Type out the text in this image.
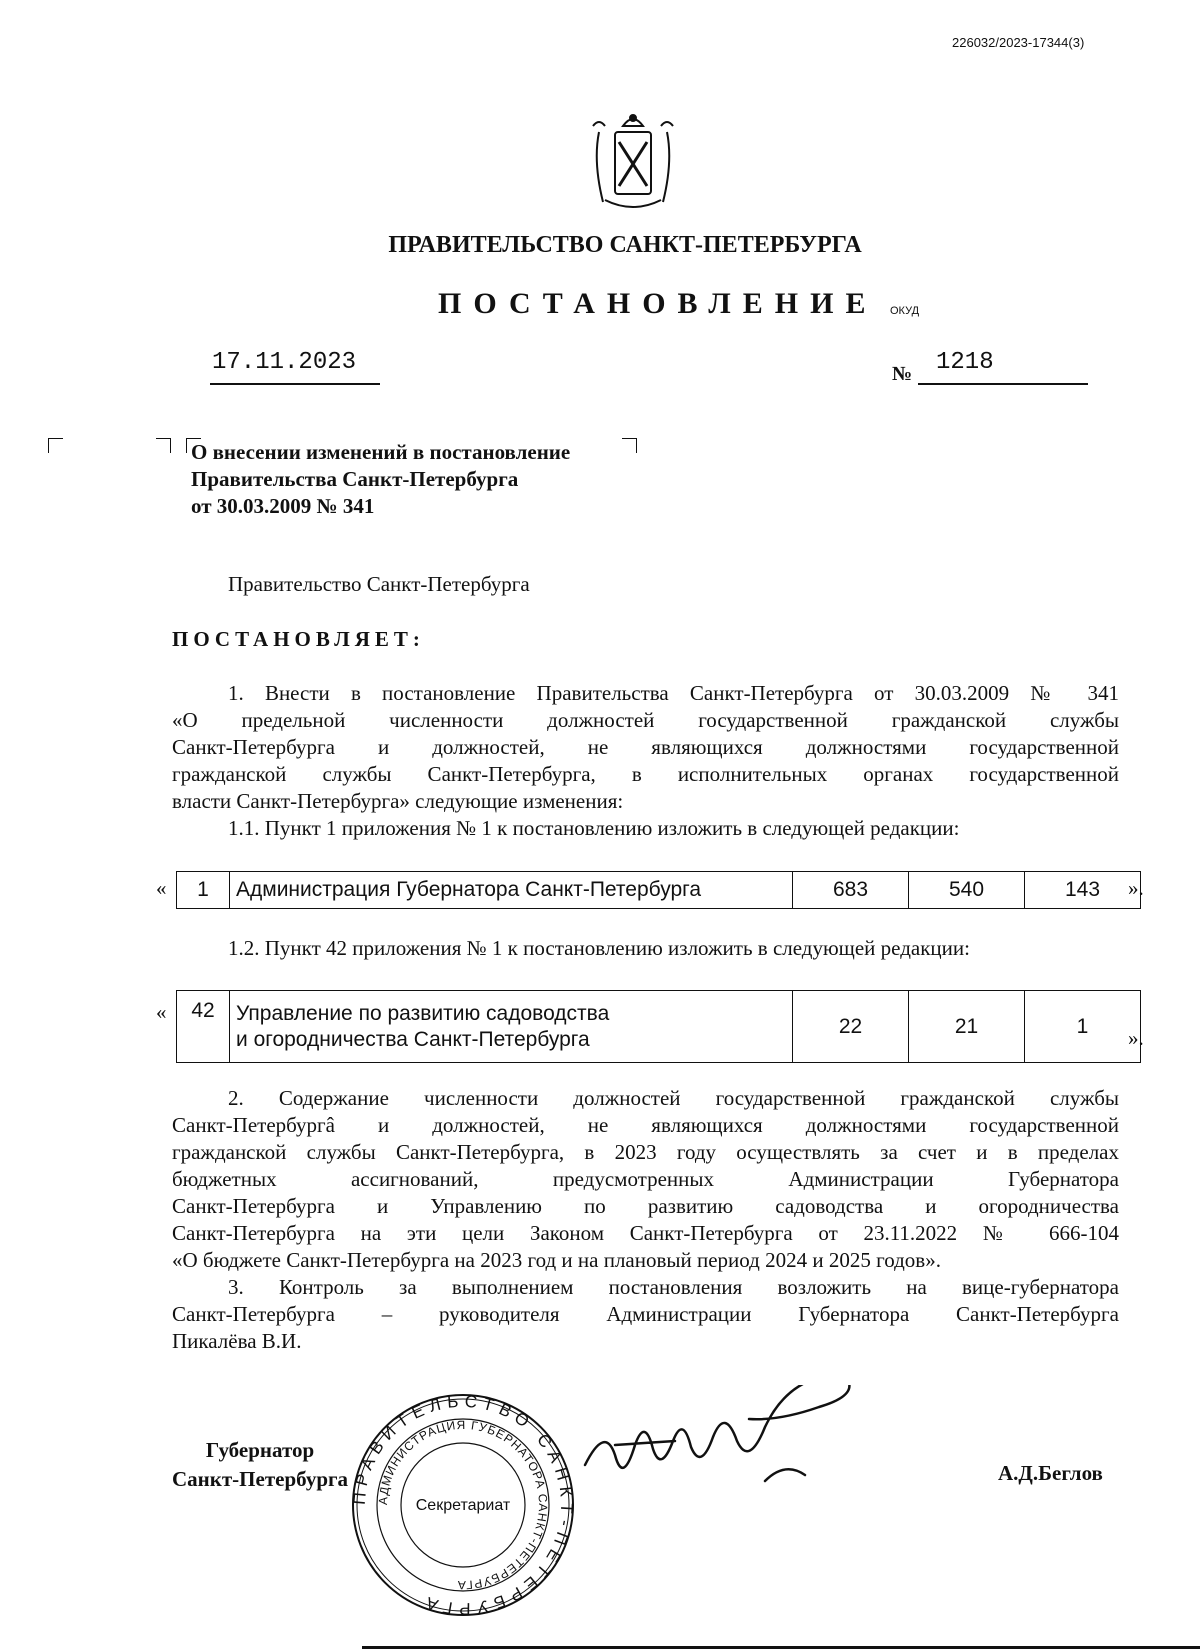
226032/2023-17344(3)
ПРАВИТЕЛЬСТВО САНКТ-ПЕТЕРБУРГА
ПОСТАНОВЛЕНИЕ ОКУД
17.11.2023	№ 1218
О внесении изменений в постановление
Правительства Санкт-Петербурга
от 30.03.2009 № 341
Правительство Санкт-Петербурга
ПОСТАНОВЛЯЕТ:
1. Внести в постановление Правительства Санкт-Петербурга от 30.03.2009 № 341
«О предельной численности должностей государственной гражданской службы
Санкт-Петербурга и должностей, не являющихся должностями государственной
гражданской службы Санкт-Петербурга, в исполнительных органах государственной
власти Санкт-Петербурга» следующие изменения:
1.1. Пункт 1 приложения № 1 к постановлению изложить в следующей редакции:
« 1	Администрация Губернатора Санкт-Петербурга	683	540	143 ».
1.2. Пункт 42 приложения № 1 к постановлению изложить в следующей редакции:
« 42	Управление по развитию садоводства
и огородничества Санкт-Петербурга
	22	21	1 ».
2. Содержание численности должностей государственной гражданской службы
Санкт-Петербургâ и должностей, не являющихся должностями государственной
гражданской службы Санкт-Петербурга, в 2023 году осуществлять за счет и в пределах
бюджетных ассигнований, предусмотренных Администрации Губернатора
Санкт-Петербурга и Управлению по развитию садоводства и огородничества
Санкт-Петербурга на эти цели Законом Санкт-Петербурга от 23.11.2022 № 666-104
«О бюджете Санкт-Петербурга на 2023 год и на плановый период 2024 и 2025 годов».
3. Контроль за выполнением постановления возложить на вице-губернатора
Санкт-Петербурга – руководителя Администрации Губернатора Санкт-Петербурга
Пикалёва В.И.
Губернатор
Санкт-Петербурга
ПРАВИТЕЛЬСТВО САНКТ-ПЕТЕРБУРГА
АДМИНИСТРАЦИЯ ГУБЕРНАТОРА САНКТ-ПЕТЕРБУРГА
Секретариат
А.Д.Беглов
